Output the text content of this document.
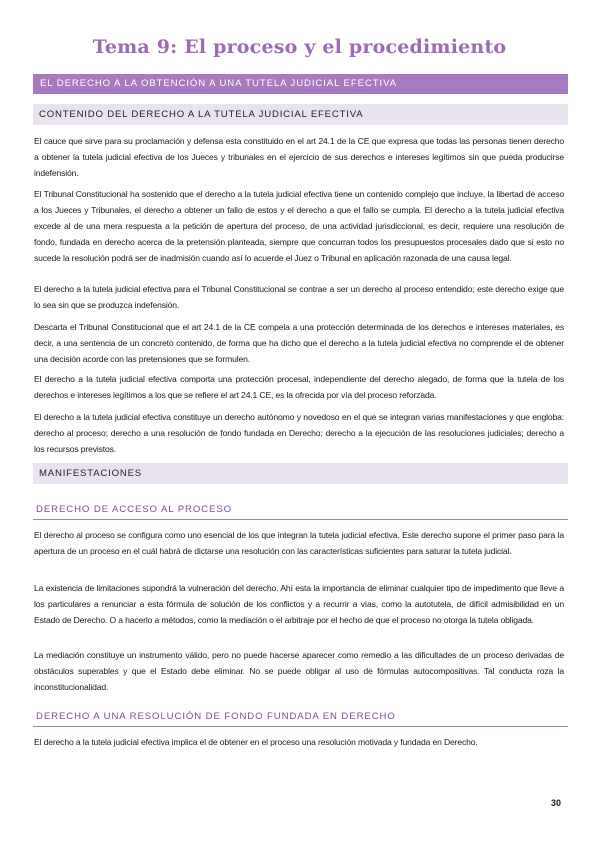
Tema 9: El proceso y el procedimiento
EL DERECHO A LA OBTENCIÓN A UNA TUTELA JUDICIAL EFECTIVA
CONTENIDO DEL DERECHO A LA TUTELA JUDICIAL EFECTIVA

El cauce que sirve para su proclamación y defensa esta constituido en el art 24.1 de la CE que expresa que todas las personas tienen derecho a obtener la tutela judicial efectiva de los Jueces y tribunales en el ejercicio de sus derechos e intereses legítimos sin que pueda producirse indefensión.

El Tribunal Constitucional ha sostenido que el derecho a la tutela judicial efectiva tiene un contenido complejo que incluye, la libertad de acceso a los Jueces y Tribunales, el derecho a obtener un fallo de estos y el derecho a que el fallo se cumpla. El derecho a la tutela judicial efectiva excede al de una mera respuesta a la petición de apertura del proceso, de una actividad jurisdiccional, es decir, requiere una resolución de fondo, fundada en derecho acerca de la pretensión planteada, siempre que concurran todos los presupuestos procesales dado que si esto no sucede la resolución podrá ser de inadmisión cuando así lo acuerde el Juez o Tribunal en aplicación razonada de una causa legal.

El derecho a la tutela judicial efectiva para el Tribunal Constitucional se contrae a ser un derecho al proceso entendido; este derecho exige que lo sea sin que se produzca indefensión.

Descarta el Tribunal Constitucional que el art 24.1 de la CE compela a una protección determinada de los derechos e intereses materiales, es decir, a una sentencia de un concreto contenido, de forma que ha dicho que el derecho a la tutela judicial efectiva no comprende el de obtener una decisión acorde con las pretensiones que se formulen.

El derecho a la tutela judicial efectiva comporta una protección procesal, independiente del derecho alegado, de forma que la tutela de los derechos e intereses legítimos a los que se refiere el art 24.1 CE, es la ofrecida por vía del proceso reforzada.

El derecho a la tutela judicial efectiva constituye un derecho autónomo y novedoso en el que se integran varias manifestaciones y que engloba: derecho al proceso; derecho a una resolución de fondo fundada en Derecho; derecho a la ejecución de las resoluciones judiciales; derecho a los recursos previstos.

MANIFESTACIONES
DERECHO DE ACCESO AL PROCESO

El derecho al proceso se configura como uno esencial de los que integran la tutela judicial efectiva. Este derecho supone el primer paso para la apertura de un proceso en el cuál habrá de dictarse una resolución con las características suficientes para saturar la tutela judicial.

La existencia de limitaciones supondrá la vulneración del derecho. Ahí esta la importancia de eliminar cualquier tipo de impedimento que lleve a los particulares a renunciar a esta fórmula de solución de los conflictos y a recurrir a vías, como la autotutela, de difícil admisibilidad en un Estado de Derecho. O a hacerlo a métodos, como la mediación o el arbitraje por el hecho de que el proceso no otorga la tutela obligada.

La mediación constituye un instrumento válido, pero no puede hacerse aparecer como remedio a las dificultades de un proceso derivadas de obstáculos superables y que el Estado debe eliminar. No se puede obligar al uso de fórmulas autocompositivas. Tal conducta roza la inconstitucionalidad.

DERECHO A UNA RESOLUCIÓN DE FONDO FUNDADA EN DERECHO

El derecho a la tutela judicial efectiva implica el de obtener en el proceso una resolución motivada y fundada en Derecho.

30
